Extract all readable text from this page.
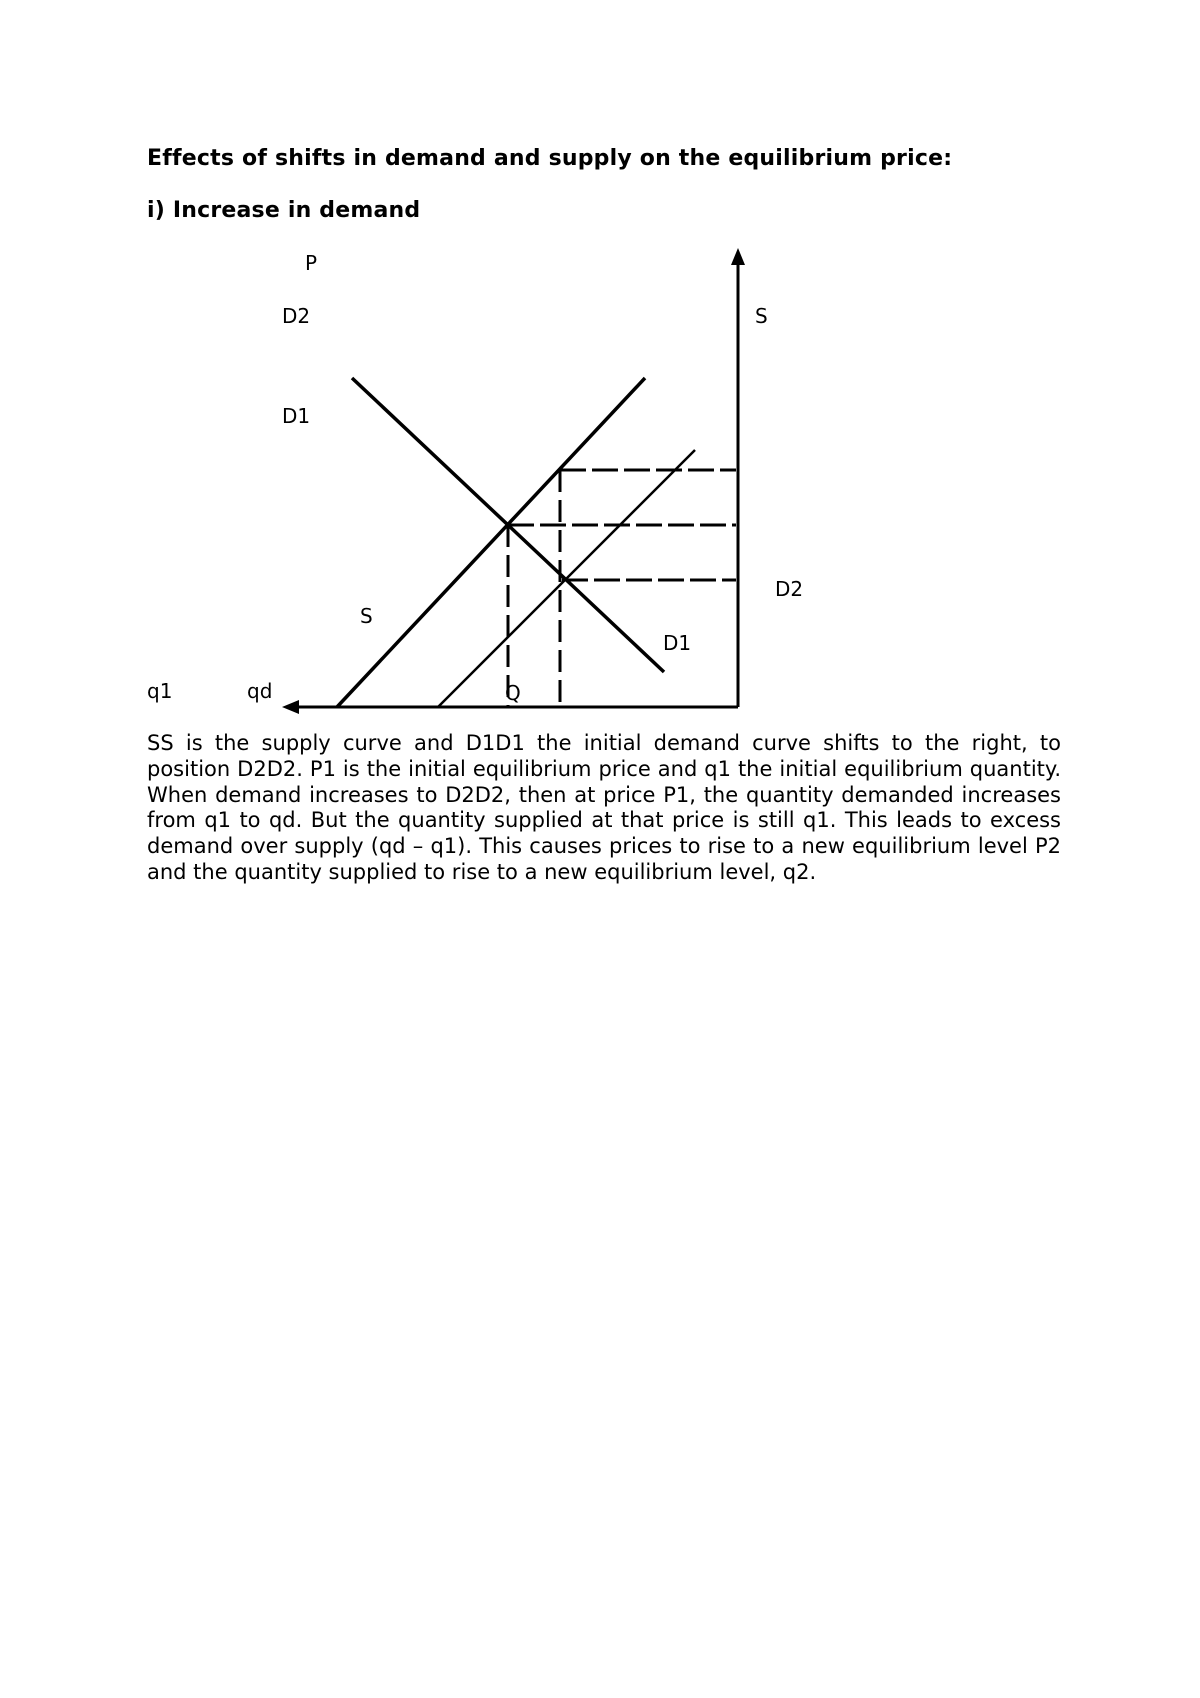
Effects of shifts in demand and supply on the equilibrium price:
i) Increase in demand
P
D2
D1
S
D2
S
D1
q1	qd	Q

SS is the supply curve and D1D1 the initial demand curve shifts to the right, to position D2D2. P1 is the initial equilibrium price and q1 the initial equilibrium quantity. When demand increases to D2D2, then at price P1, the quantity demanded increases from q1 to qd. But the quantity supplied at that price is still q1. This leads to excess demand over supply (qd – q1). This causes prices to rise to a new equilibrium level P2 and the quantity supplied to rise to a new equilibrium level, q2.
